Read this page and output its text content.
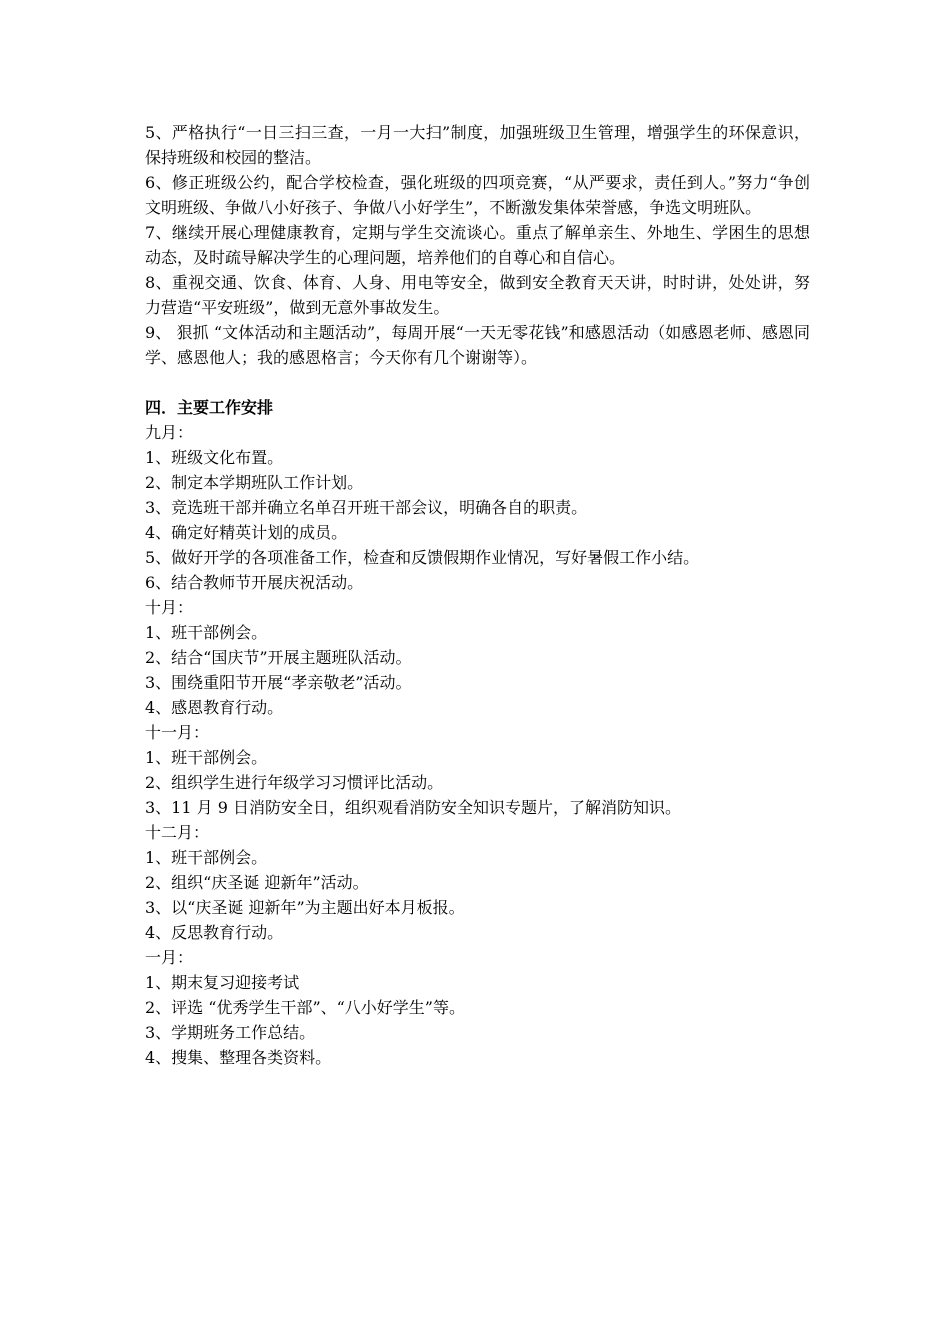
5、严格执行“一日三扫三查，一月一大扫”制度，加强班级卫生管理，增强学生的环保意识，保持班级和校园的整洁。

6、修正班级公约，配合学校检查，强化班级的四项竞赛，“从严要求，责任到人。”努力“争创文明班级、争做八小好孩子、争做八小好学生”，不断激发集体荣誉感，争选文明班队。

7、继续开展心理健康教育，定期与学生交流谈心。重点了解单亲生、外地生、学困生的思想动态，及时疏导解决学生的心理问题，培养他们的自尊心和自信心。

8、重视交通、饮食、体育、人身、用电等安全，做到安全教育天天讲，时时讲，处处讲，努力营造“平安班级”，做到无意外事故发生。

9、 狠抓 “文体活动和主题活动”，每周开展“一天无零花钱”和感恩活动（如感恩老师、感恩同学、感恩他人；我的感恩格言；今天你有几个谢谢等）。

四．主要工作安排

九月：

1、班级文化布置。

2、制定本学期班队工作计划。

3、竞选班干部并确立名单召开班干部会议，明确各自的职责。

4、确定好精英计划的成员。

5、做好开学的各项准备工作，检查和反馈假期作业情况，写好暑假工作小结。

6、结合教师节开展庆祝活动。

十月：

1、班干部例会。

2、结合“国庆节”开展主题班队活动。

3、围绕重阳节开展“孝亲敬老”活动。

4、感恩教育行动。

十一月：

1、班干部例会。

2、组织学生进行年级学习习惯评比活动。

3、11 月 9 日消防安全日，组织观看消防安全知识专题片，了解消防知识。

十二月：

1、班干部例会。

2、组织“庆圣诞 迎新年”活动。

3、以“庆圣诞 迎新年”为主题出好本月板报。

4、反思教育行动。

一月：

1、期末复习迎接考试

2、评选 “优秀学生干部”、“八小好学生”等。

3、学期班务工作总结。

4、搜集、整理各类资料。
